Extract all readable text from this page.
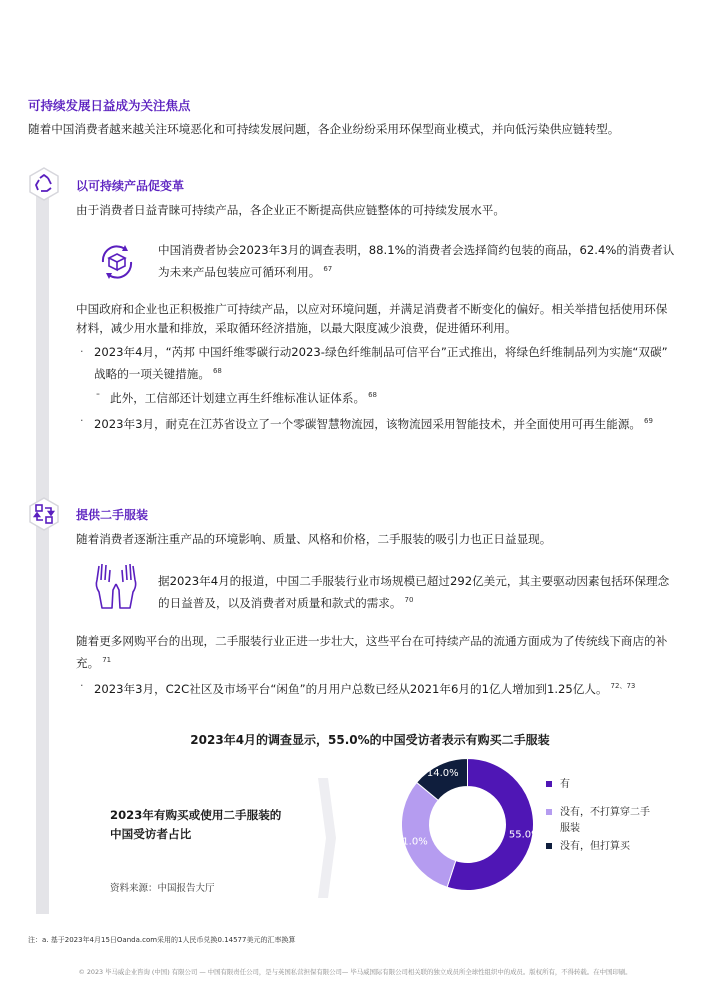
可持续发展日益成为关注焦点
随着中国消费者越来越关注环境恶化和可持续发展问题，各企业纷纷采用环保型商业模式，并向低污染供应链转型。
以可持续产品促变革
由于消费者日益青睐可持续产品，各企业正不断提高供应链整体的可持续发展水平。
中国消费者协会2023年3月的调查表明，88.1%的消费者会选择简约包装的商品，62.4%的消费者认
为未来产品包装应可循环利用。 $^{67}$
中国政府和企业也正积极推广可持续产品，以应对环境问题，并满足消费者不断变化的偏好。相关举措包括使用环保
材料，减少用水量和排放，采取循环经济措施，以最大限度减少浪费，促进循环利用。
· 2023年4月，“芮邦 中国纤维零碳行动2023-绿色纤维制品可信平台”正式推出，将绿色纤维制品列为实施“双碳”
战略的一项关键措施。 $^{68}$
- 此外，工信部还计划建立再生纤维标准认证体系。 $^{68}$
· 2023年3月，耐克在江苏省设立了一个零碳智慧物流园，该物流园采用智能技术，并全面使用可再生能源。 $^{69}$
提供二手服装
随着消费者逐渐注重产品的环境影响、质量、风格和价格，二手服装的吸引力也正日益显现。
据2023年4月的报道，中国二手服装行业市场规模已超过292亿美元，其主要驱动因素包括环保理念
的日益普及，以及消费者对质量和款式的需求。 $^{70}$
随着更多网购平台的出现，二手服装行业正进一步壮大，这些平台在可持续产品的流通方面成为了传统线下商店的补
充。 $^{71}$
· 2023年3月，C2C社区及市场平台“闲鱼”的月用户总数已经从2021年6月的1亿人增加到1.25亿人。 $^{72、73}$
2023年4月的调查显示，55.0%的中国受访者表示有购买二手服装
2023年有购买或使用二手服装的
中国受访者占比
资料来源：中国报告大厅
55.0%
31.0%
14.0%
有
没有，不打算穿二手
服装
没有，但打算买
注：a. 基于2023年4月15日Oanda.com采用的1人民币兑换0.14577美元的汇率换算
© 2023 毕马威企业咨询 (中国) 有限公司 — 中国有限责任公司，是与英国私营担保有限公司— 毕马威国际有限公司相关联的独立成员所全球性组织中的成员。版权所有，不得转载。在中国印刷。
